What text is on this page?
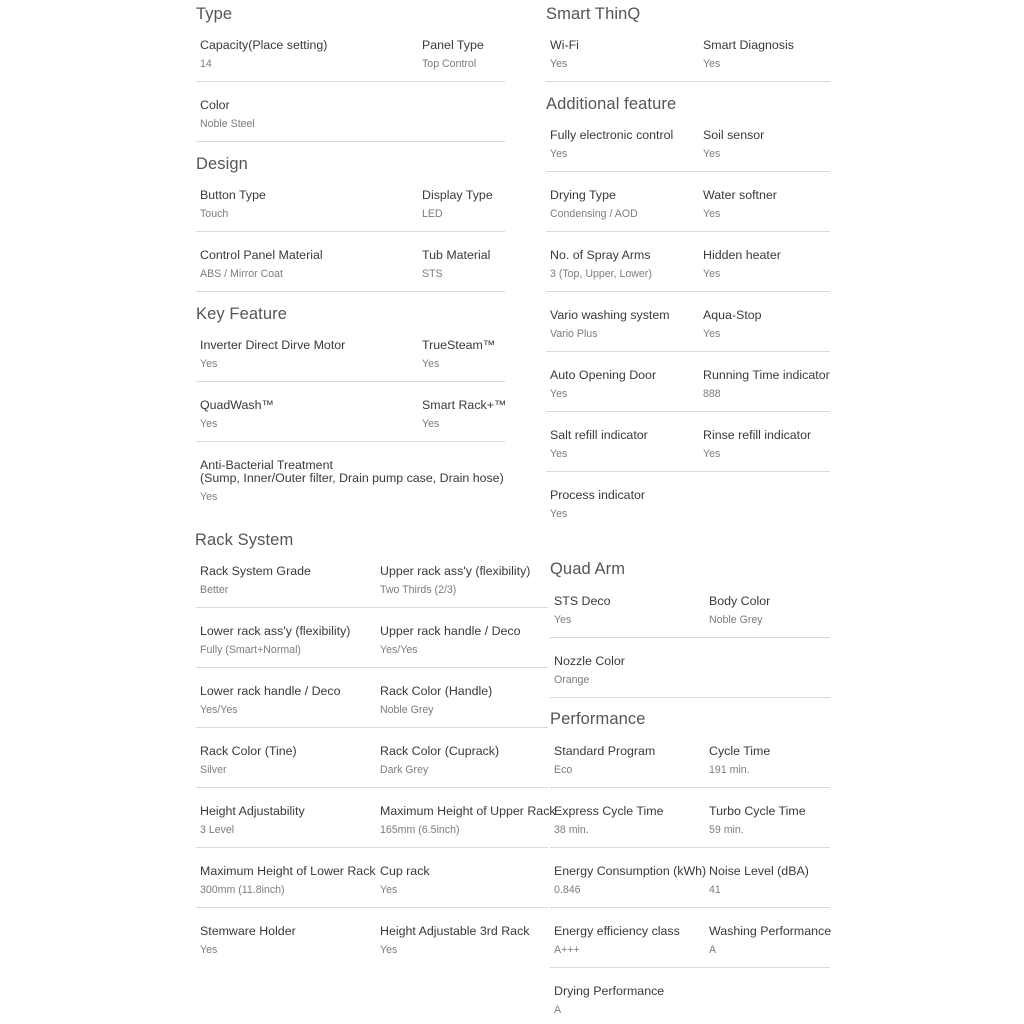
Type
Capacity(Place setting)
14
Panel Type
Top Control
Color
Noble Steel
Design
Button Type
Touch
Display Type
LED
Control Panel Material
ABS / Mirror Coat
Tub Material
STS
Key Feature
Inverter Direct Dirve Motor
Yes
TrueSteam™
Yes
QuadWash™
Yes
Smart Rack+™
Yes
Anti-Bacterial Treatment
(Sump, Inner/Outer filter, Drain pump case, Drain hose)
Yes
Rack System
Rack System Grade
Better
Upper rack ass'y (flexibility)
Two Thirds (2/3)
Lower rack ass'y (flexibility)
Fully (Smart+Normal)
Upper rack handle / Deco
Yes/Yes
Lower rack handle / Deco
Yes/Yes
Rack Color (Handle)
Noble Grey
Rack Color (Tine)
Silver
Rack Color (Cuprack)
Dark Grey
Height Adjustability
3 Level
Maximum Height of Upper Rack
165mm (6.5inch)
Maximum Height of Lower Rack
300mm (11.8inch)
Cup rack
Yes
Stemware Holder
Yes
Height Adjustable 3rd Rack
Yes
Smart ThinQ
Wi-Fi
Yes
Smart Diagnosis
Yes
Additional feature
Fully electronic control
Yes
Soil sensor
Yes
Drying Type
Condensing / AOD
Water softner
Yes
No. of Spray Arms
3 (Top, Upper, Lower)
Hidden heater
Yes
Vario washing system
Vario Plus
Aqua-Stop
Yes
Auto Opening Door
Yes
Running Time indicator
888
Salt refill indicator
Yes
Rinse refill indicator
Yes
Process indicator
Yes
Quad Arm
STS Deco
Yes
Body Color
Noble Grey
Nozzle Color
Orange
Performance
Standard Program
Eco
Cycle Time
191 min.
Express Cycle Time
38 min.
Turbo Cycle Time
59 min.
Energy Consumption (kWh)
0.846
Noise Level (dBA)
41
Energy efficiency class
A+++
Washing Performance
A
Drying Performance
A
